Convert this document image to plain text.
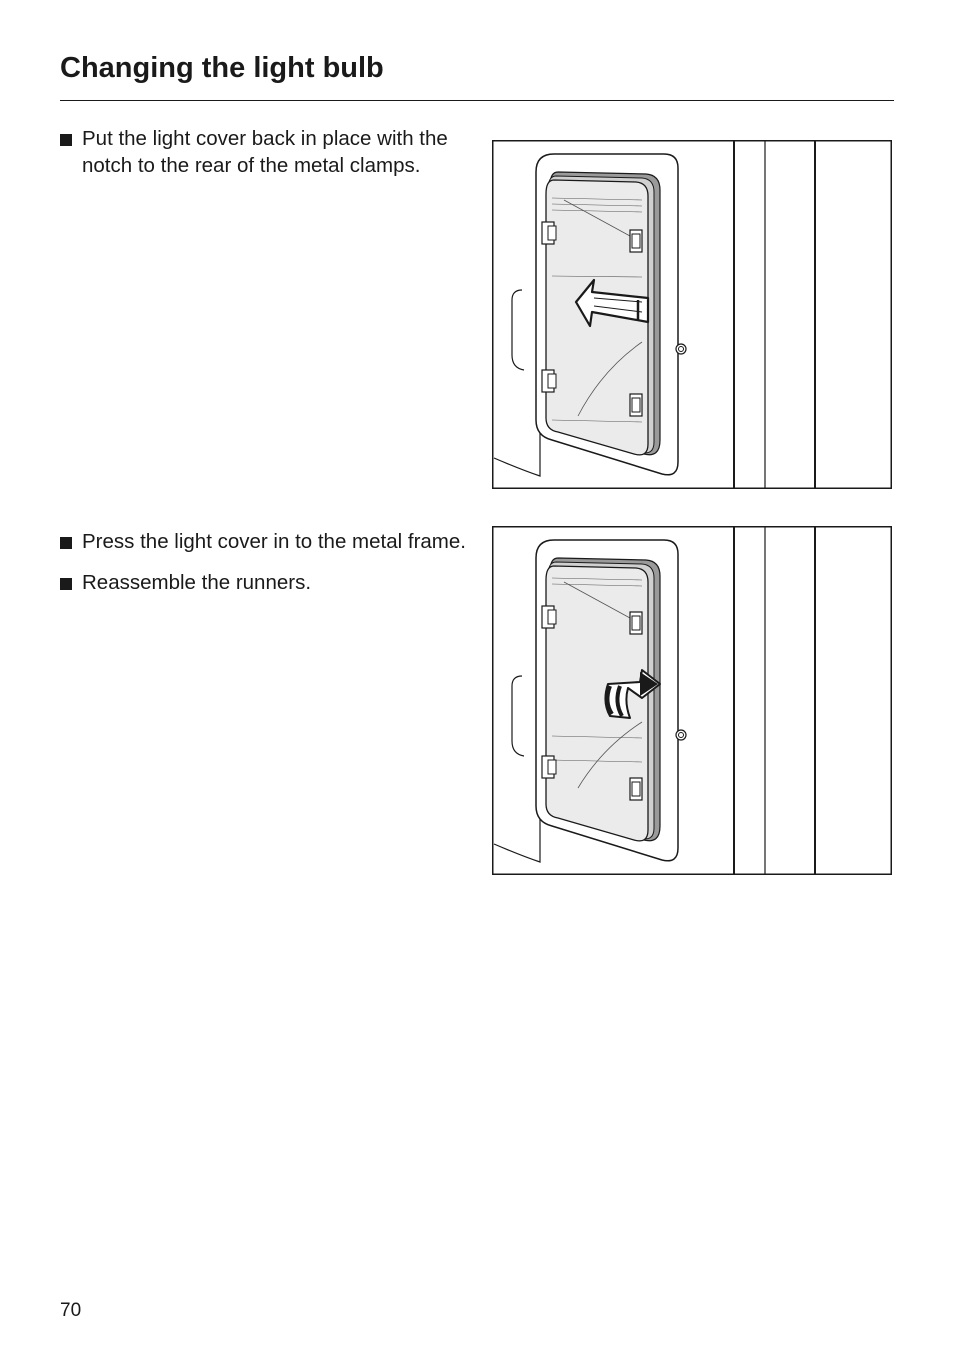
Changing the light bulb
Put the light cover back in place with the notch to the rear of the metal clamps.
Press the light cover in to the metal frame.
Reassemble the runners.
70
